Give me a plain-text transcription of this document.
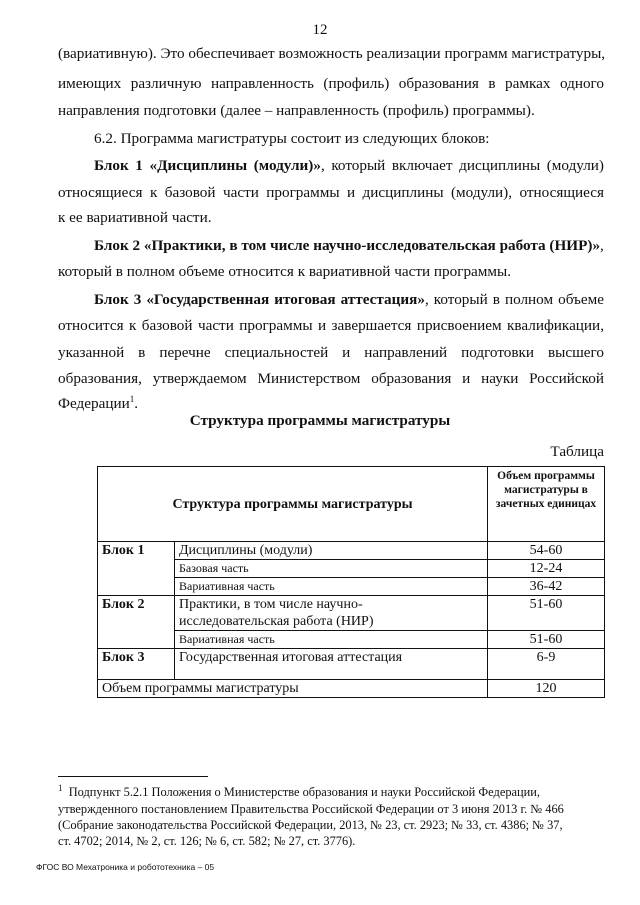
12
(вариативную). Это обеспечивает возможность реализации программ магистратуры,
имеющих различную направленность (профиль) образования в рамках одного
направления подготовки (далее – направленность (профиль) программы).
6.2. Программа магистратуры состоит из следующих блоков:
Блок 1 «Дисциплины (модули)», который включает дисциплины (модули)
относящиеся к базовой части программы и дисциплины (модули), относящиеся
к ее вариативной части.
Блок 2 «Практики, в том числе научно-исследовательская работа (НИР)»,
который в полном объеме относится к вариативной части программы.
Блок 3 «Государственная итоговая аттестация», который в полном объеме
относится к базовой части программы и завершается присвоением квалификации,
указанной в перечне специальностей и направлений подготовки высшего
образования, утверждаемом Министерством образования и науки Российской
Федерации$^1$.
Структура программы магистратуры
Таблица
Структура программы магистратуры		Объем программы магистратуры в зачетных единицах
Блок 1	Дисциплины (модули)	54-60
	Базовая часть	12-24
	Вариативная часть	36-42
Блок 2	Практики, в том числе научно-
исследовательская работа (НИР)	51-60
	Вариативная часть	51-60
Блок 3	Государственная итоговая аттестация	6-9
Объем программы магистратуры		120
$^1$ Подпункт 5.2.1 Положения о Министерстве образования и науки Российской Федерации,
утвержденного постановлением Правительства Российской Федерации от 3 июня 2013 г. № 466
(Собрание законодательства Российской Федерации, 2013, № 23, ст. 2923; № 33, ст. 4386; № 37,
ст. 4702; 2014, № 2, ст. 126; № 6, ст. 582; № 27, ст. 3776).
ФГОС ВО Мехатроника и робототехника – 05
